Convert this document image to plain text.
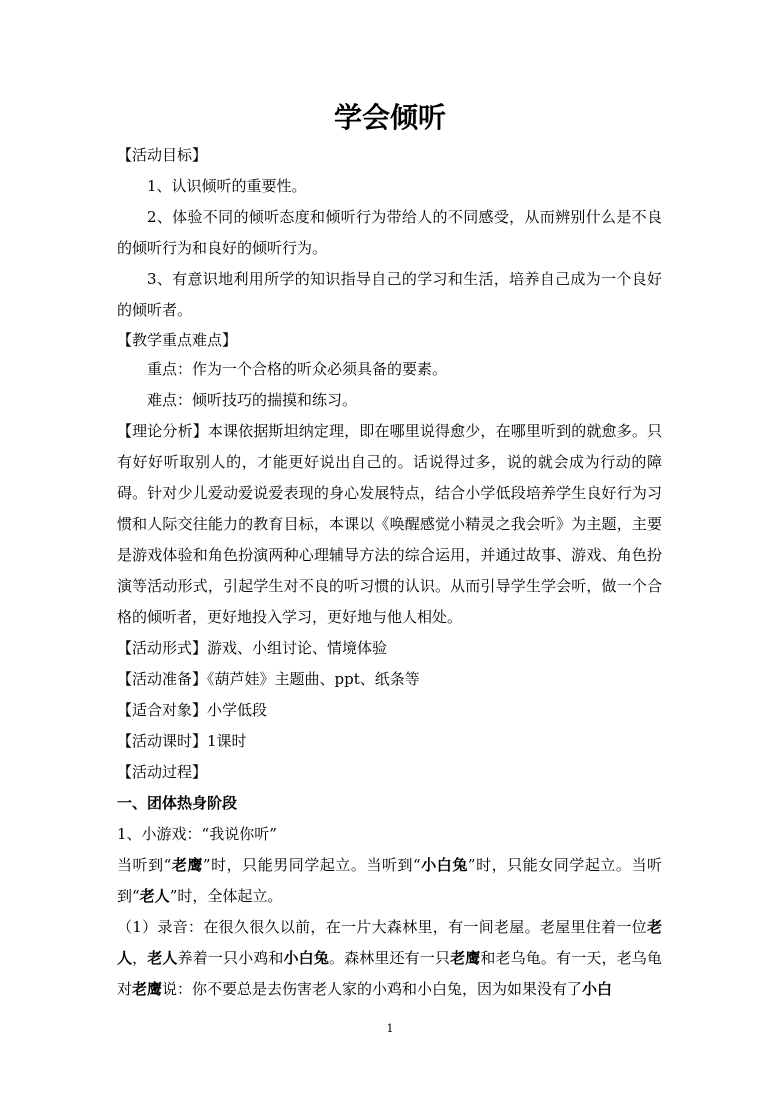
学会倾听

【活动目标】

1、认识倾听的重要性。

2、体验不同的倾听态度和倾听行为带给人的不同感受，从而辨别什么是不良的倾听行为和良好的倾听行为。

3、有意识地利用所学的知识指导自己的学习和生活，培养自己成为一个良好的倾听者。

【教学重点难点】

重点：作为一个合格的听众必须具备的要素。

难点：倾听技巧的揣摸和练习。

【理论分析】本课依据斯坦纳定理，即在哪里说得愈少，在哪里听到的就愈多。只有好好听取别人的，才能更好说出自己的。话说得过多，说的就会成为行动的障碍。针对少儿爱动爱说爱表现的身心发展特点，结合小学低段培养学生良好行为习惯和人际交往能力的教育目标，本课以《唤醒感觉小精灵之我会听》为主题，主要是游戏体验和角色扮演两种心理辅导方法的综合运用，并通过故事、游戏、角色扮演等活动形式，引起学生对不良的听习惯的认识。从而引导学生学会听，做一个合格的倾听者，更好地投入学习，更好地与他人相处。

【活动形式】游戏、小组讨论、情境体验

【活动准备】《葫芦娃》主题曲、ppt、纸条等

【适合对象】小学低段

【活动课时】1课时

【活动过程】

一、团体热身阶段

1、小游戏：“我说你听”

当听到“老鹰”时，只能男同学起立。当听到“小白兔”时，只能女同学起立。当听到“老人”时，全体起立。

（1）录音：在很久很久以前，在一片大森林里，有一间老屋。老屋里住着一位老人，老人养着一只小鸡和小白兔。森林里还有一只老鹰和老乌龟。有一天，老乌龟对老鹰说：你不要总是去伤害老人家的小鸡和小白兔，因为如果没有了小白

1
